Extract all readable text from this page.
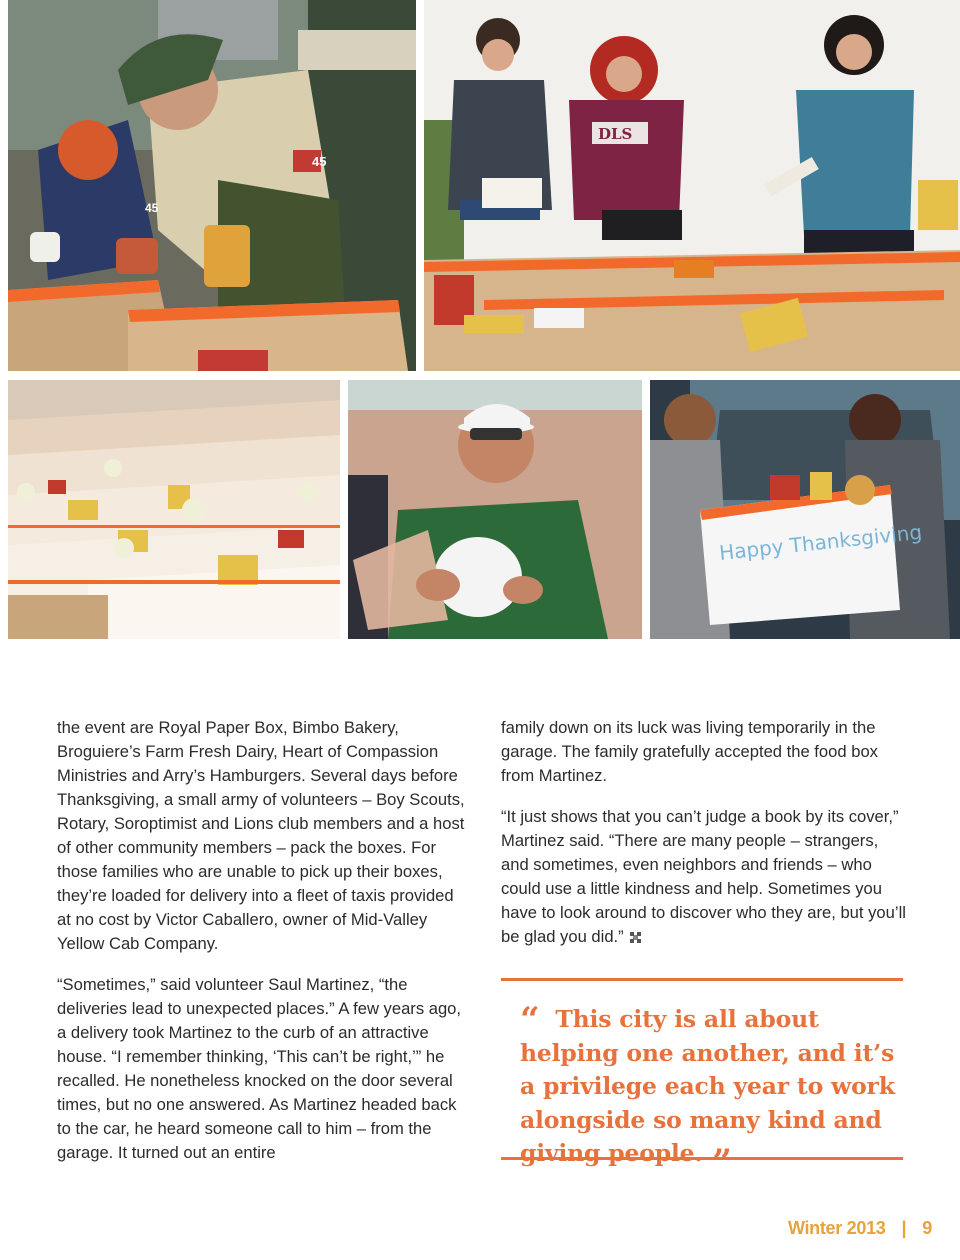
45
45
DLS
Happy Thanksgiving

the event are Royal Paper Box, Bimbo Bakery, Broguiere’s Farm Fresh Dairy, Heart of Compassion Ministries and Arry’s Hamburgers. Several days before Thanksgiving, a small army of volunteers – Boy Scouts, Rotary, Soroptimist and Lions club members and a host of other community members – pack the boxes. For those families who are unable to pick up their boxes, they’re loaded for delivery into a fleet of taxis provided at no cost by Victor Caballero, owner of Mid-Valley Yellow Cab Company.

“Sometimes,” said volunteer Saul Martinez, “the deliveries lead to unexpected places.” A few years ago, a delivery took Martinez to the curb of an attractive house. “I remember thinking, ‘This can’t be right,’” he recalled. He nonetheless knocked on the door several times, but no one answered. As Martinez headed back to the car, he heard someone call to him – from the garage. It turned out an entire

family down on its luck was living temporarily in the garage. The family gratefully accepted the food box from Martinez.

“It just shows that you can’t judge a book by its cover,” Martinez said. “There are many people – strangers, and sometimes, even neighbors and friends – who could use a little kindness and help. Sometimes you have to look around to discover who they are, but you’ll be glad you did.”

“ This city is all about helping one another, and it’s a privilege each year to work alongside so many kind and giving people. ”
Winter 2013 | 9
